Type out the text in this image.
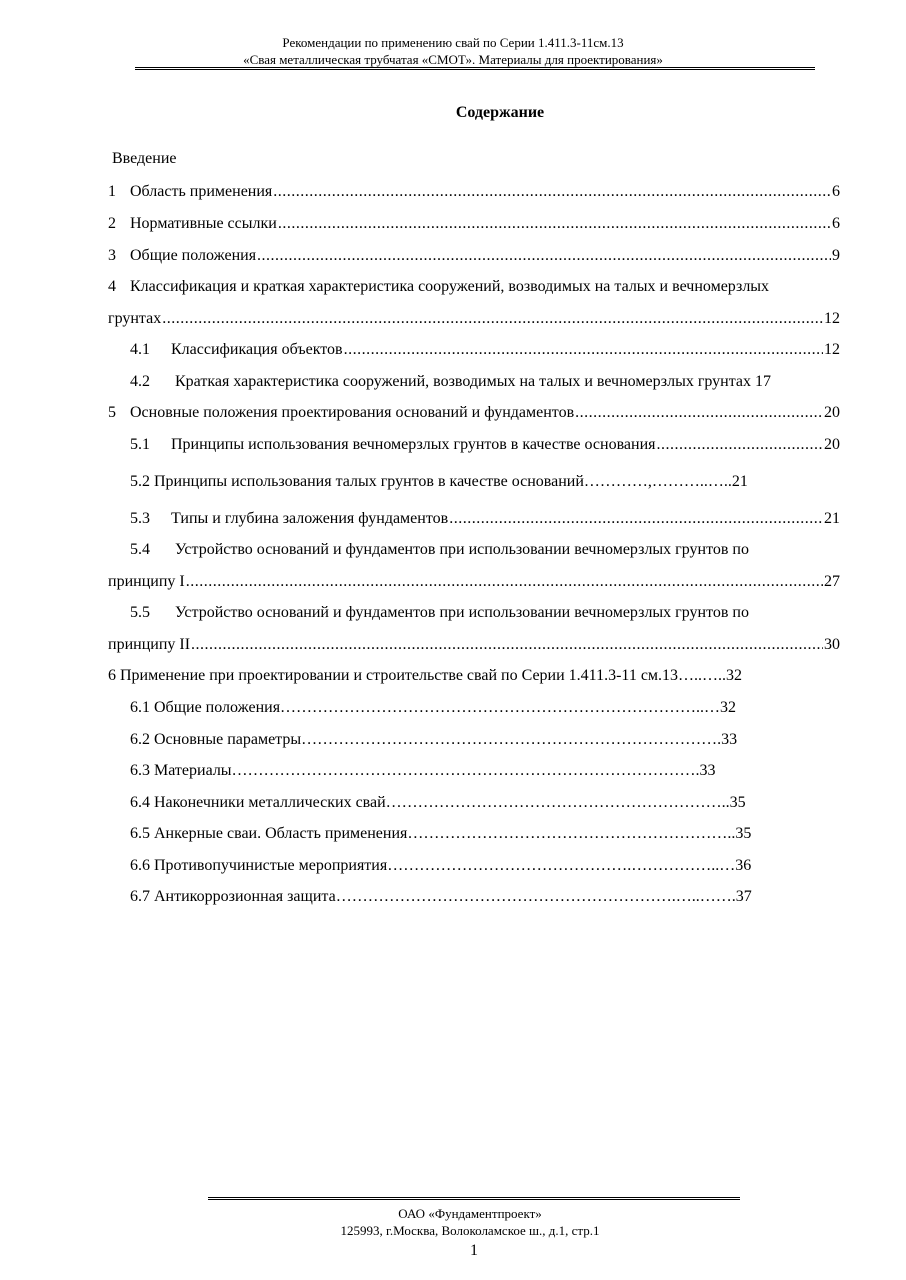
Рекомендации по применению свай по Серии 1.411.3-11см.13
«Свая металлическая трубчатая «СМОТ». Материалы для проектирования»
Содержание
Введение
1 Область применения .....	6
2 Нормативные ссылки .....	6
3 Общие положения .....	9
4 Классификация и краткая характеристика сооружений, возводимых на талых и вечномерзлых
грунтах .....	12
4.1 Классификация объектов .....	12
4.2 Краткая характеристика сооружений, возводимых на талых и вечномерзлых грунтах 17
5 Основные положения проектирования оснований и фундаментов .....	20
5.1 Принципы использования вечномерзлых грунтов в качестве основания .....	20
5.2 Принципы использования талых грунтов в качестве оснований…………,………..…..21
5.3 Типы и глубина заложения фундаментов .....	21
5.4 Устройство оснований и фундаментов при использовании вечномерзлых грунтов по
принципу I .....	27
5.5 Устройство оснований и фундаментов при использовании вечномерзлых грунтов по
принципу II .....	30
6 Применение при проектировании и строительстве свай по Серии 1.411.3-11 см.13…..…..32
6.1 Общие положения……………………………………………………………………..…32
6.2 Основные параметры…………………………………………………………………….33
6.3 Материалы…………………………………………………………………………….33
6.4 Наконечники металлических свай………………………………………………………..35
6.5 Анкерные сваи. Область применения……………………………………………………..35
6.6 Противопучинистые мероприятия……………………………………….……………..…36
6.7 Антикоррозионная защита……………………………………………………….…..…….37
ОАО «Фундаментпроект»
125993, г.Москва, Волоколамское ш., д.1, стр.1
1
